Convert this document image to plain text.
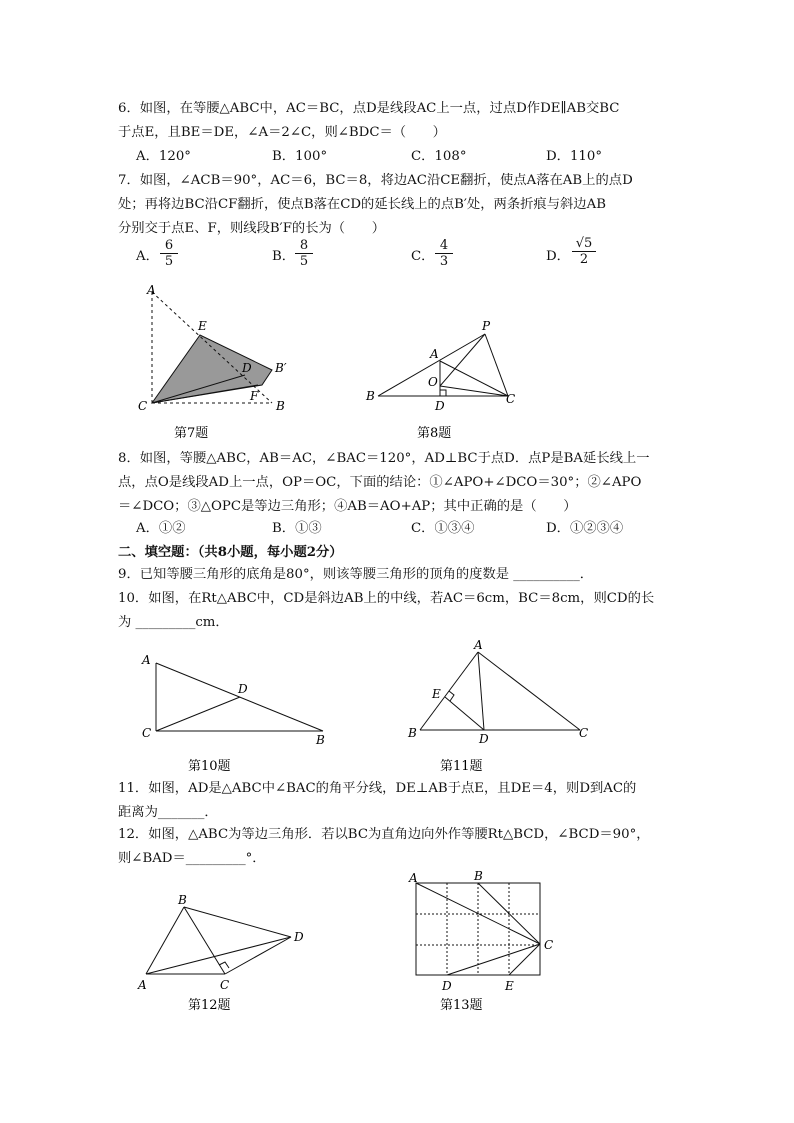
6．如图，在等腰△ABC中，AC＝BC，点D是线段AC上一点，过点D作DE∥AB交BC
于点E，且BE＝DE，∠A＝2∠C，则∠BDC＝（　　）
A．120°	B．100°	C．108°	D．110°
7．如图，∠ACB＝90°，AC＝6，BC＝8，将边AC沿CE翻折，使点A落在AB上的点D
处；再将边BC沿CF翻折，使点B落在CD的延长线上的点B′处，两条折痕与斜边AB
分别交于点E、F，则线段B′F的长为（　　）
A． $\frac{6}{5}$	B． $\frac{8}{5}$	C． $\frac{4}{3}$	D． $\frac{√5}{2}$
A
E
D B′
C
F
B
第7题
P
A
O
B
D	C
第8题
8．如图，等腰△ABC，AB＝AC，∠BAC＝120°，AD⊥BC于点D．点P是BA延长线上一
点，点O是线段AD上一点，OP＝OC，下面的结论：①∠APO+∠DCO＝30°；②∠APO
＝∠DCO；③△OPC是等边三角形；④AB＝AO+AP；其中正确的是（　　）
A．①②	B．①③	C．①③④	D．①②③④
二、填空题：（共8小题，每小题2分）
9．已知等腰三角形的底角是80°，则该等腰三角形的顶角的度数是 __________．
10．如图，在Rt△ABC中，CD是斜边AB上的中线，若AC＝6cm，BC＝8cm，则CD的长
为 _________cm．
A
D
C	B
第10题
A
E
B	D	C
第11题
11．如图，AD是△ABC中∠BAC的角平分线，DE⊥AB于点E，且DE＝4，则D到AC的
距离为_______．
12．如图，△ABC为等边三角形．若以BC为直角边向外作等腰Rt△BCD，∠BCD＝90°，
则∠BAD＝_________°．
B
D
A	C
第12题
A	B
C
D	E
第13题
